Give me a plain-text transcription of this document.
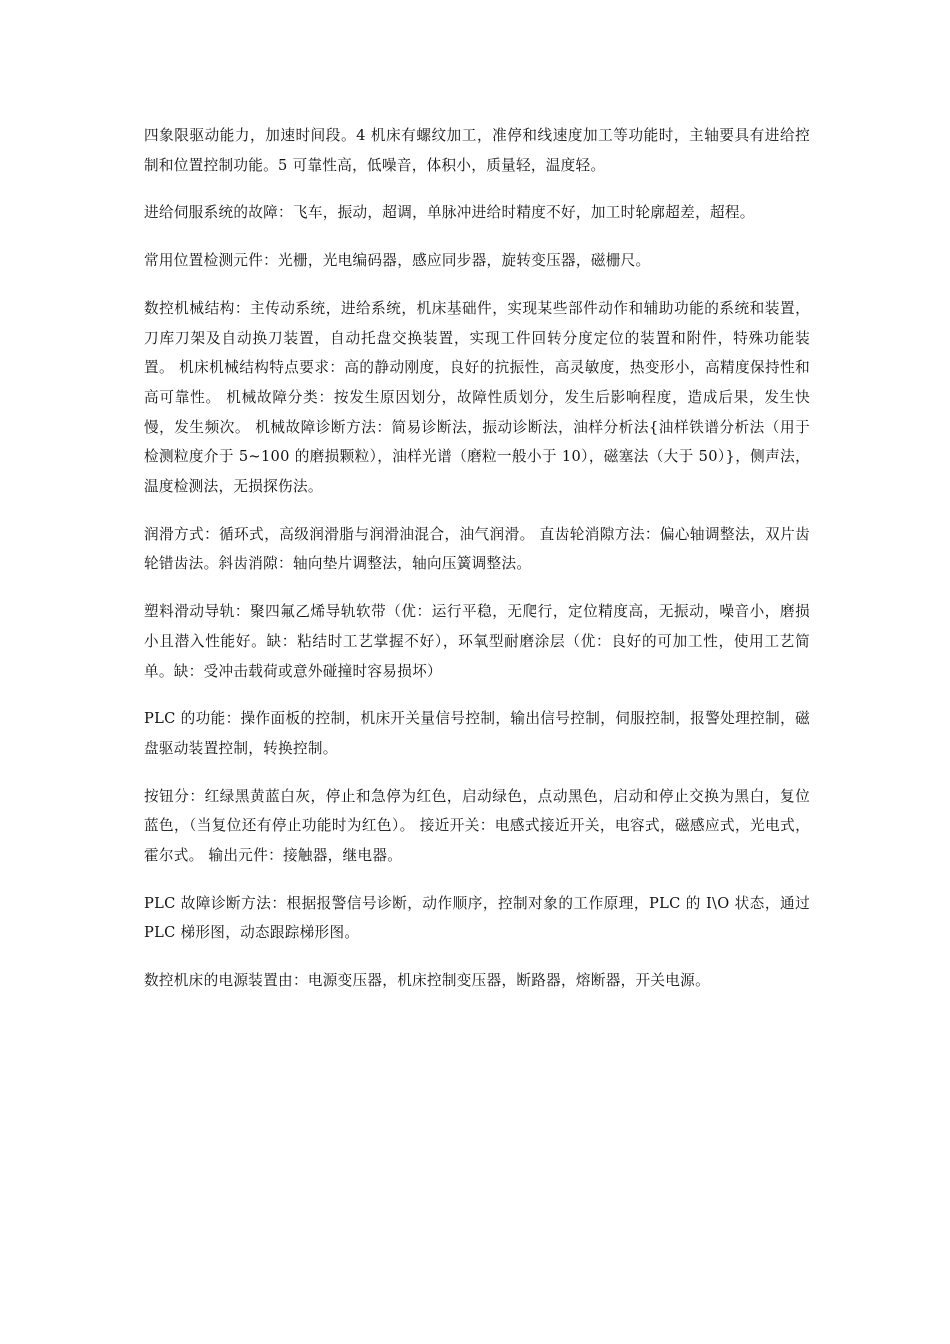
四象限驱动能力，加速时间段。4 机床有螺纹加工，准停和线速度加工等功能时，主轴要具有进给控制和位置控制功能。5 可靠性高，低噪音，体积小，质量轻，温度轻。

进给伺服系统的故障：飞车，振动，超调，单脉冲进给时精度不好，加工时轮廓超差，超程。

常用位置检测元件：光栅，光电编码器，感应同步器，旋转变压器，磁栅尺。

数控机械结构：主传动系统，进给系统，机床基础件，实现某些部件动作和辅助功能的系统和装置，刀库刀架及自动换刀装置，自动托盘交换装置，实现工件回转分度定位的装置和附件，特殊功能装置。 机床机械结构特点要求：高的静动刚度，良好的抗振性，高灵敏度，热变形小，高精度保持性和高可靠性。 机械故障分类：按发生原因划分，故障性质划分，发生后影响程度，造成后果，发生快慢，发生频次。 机械故障诊断方法：简易诊断法，振动诊断法，油样分析法{油样铁谱分析法（用于检测粒度介于 5~100 的磨损颗粒），油样光谱（磨粒一般小于 10），磁塞法（大于 50）}，侧声法，温度检测法，无损探伤法。

润滑方式：循环式，高级润滑脂与润滑油混合，油气润滑。 直齿轮消隙方法：偏心轴调整法，双片齿轮错齿法。斜齿消隙：轴向垫片调整法，轴向压簧调整法。

塑料滑动导轨：聚四氟乙烯导轨软带（优：运行平稳，无爬行，定位精度高，无振动，噪音小，磨损小且潜入性能好。缺：粘结时工艺掌握不好），环氧型耐磨涂层（优：良好的可加工性，使用工艺简单。缺：受冲击载荷或意外碰撞时容易损坏）

PLC 的功能：操作面板的控制，机床开关量信号控制，输出信号控制，伺服控制，报警处理控制，磁盘驱动装置控制，转换控制。

按钮分：红绿黑黄蓝白灰，停止和急停为红色，启动绿色，点动黑色，启动和停止交换为黑白，复位蓝色，（当复位还有停止功能时为红色）。 接近开关：电感式接近开关，电容式，磁感应式，光电式，霍尔式。 输出元件：接触器，继电器。

PLC 故障诊断方法：根据报警信号诊断，动作顺序，控制对象的工作原理，PLC 的 I\O 状态，通过 PLC 梯形图，动态跟踪梯形图。

数控机床的电源装置由：电源变压器，机床控制变压器，断路器，熔断器，开关电源。
